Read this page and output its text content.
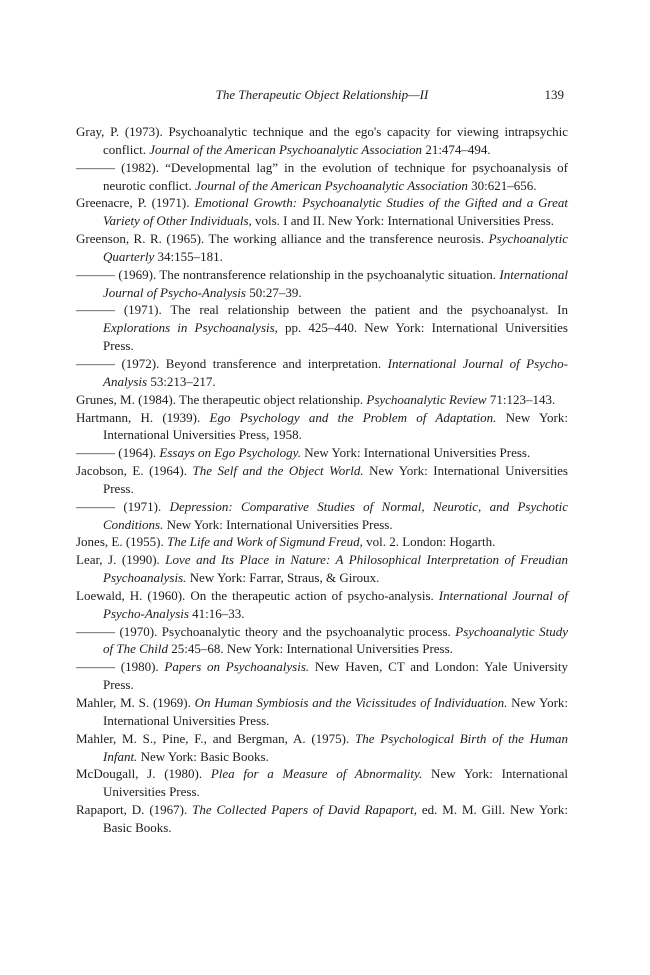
The Therapeutic Object Relationship—II	139

Gray, P. (1973). Psychoanalytic technique and the ego's capacity for viewing intrapsychic conflict. Journal of the American Psychoanalytic Association 21:474–494.

——— (1982). “Developmental lag” in the evolution of technique for psychoanalysis of neurotic conflict. Journal of the American Psychoanalytic Association 30:621–656.

Greenacre, P. (1971). Emotional Growth: Psychoanalytic Studies of the Gifted and a Great Variety of Other Individuals, vols. I and II. New York: International Universities Press.

Greenson, R. R. (1965). The working alliance and the transference neurosis. Psychoanalytic Quarterly 34:155–181.

——— (1969). The nontransference relationship in the psychoanalytic situation. International Journal of Psycho-Analysis 50:27–39.

——— (1971). The real relationship between the patient and the psychoanalyst. In Explorations in Psychoanalysis, pp. 425–440. New York: International Universities Press.

——— (1972). Beyond transference and interpretation. International Journal of Psycho-Analysis 53:213–217.

Grunes, M. (1984). The therapeutic object relationship. Psychoanalytic Review 71:123–143.

Hartmann, H. (1939). Ego Psychology and the Problem of Adaptation. New York: International Universities Press, 1958.

——— (1964). Essays on Ego Psychology. New York: International Universities Press.

Jacobson, E. (1964). The Self and the Object World. New York: International Universities Press.

——— (1971). Depression: Comparative Studies of Normal, Neurotic, and Psychotic Conditions. New York: International Universities Press.

Jones, E. (1955). The Life and Work of Sigmund Freud, vol. 2. London: Hogarth.

Lear, J. (1990). Love and Its Place in Nature: A Philosophical Interpretation of Freudian Psychoanalysis. New York: Farrar, Straus, & Giroux.

Loewald, H. (1960). On the therapeutic action of psycho-analysis. International Journal of Psycho-Analysis 41:16–33.

——— (1970). Psychoanalytic theory and the psychoanalytic process. Psychoanalytic Study of The Child 25:45–68. New York: International Universities Press.

——— (1980). Papers on Psychoanalysis. New Haven, CT and London: Yale University Press.

Mahler, M. S. (1969). On Human Symbiosis and the Vicissitudes of Individuation. New York: International Universities Press.

Mahler, M. S., Pine, F., and Bergman, A. (1975). The Psychological Birth of the Human Infant. New York: Basic Books.

McDougall, J. (1980). Plea for a Measure of Abnormality. New York: International Universities Press.

Rapaport, D. (1967). The Collected Papers of David Rapaport, ed. M. M. Gill. New York: Basic Books.
